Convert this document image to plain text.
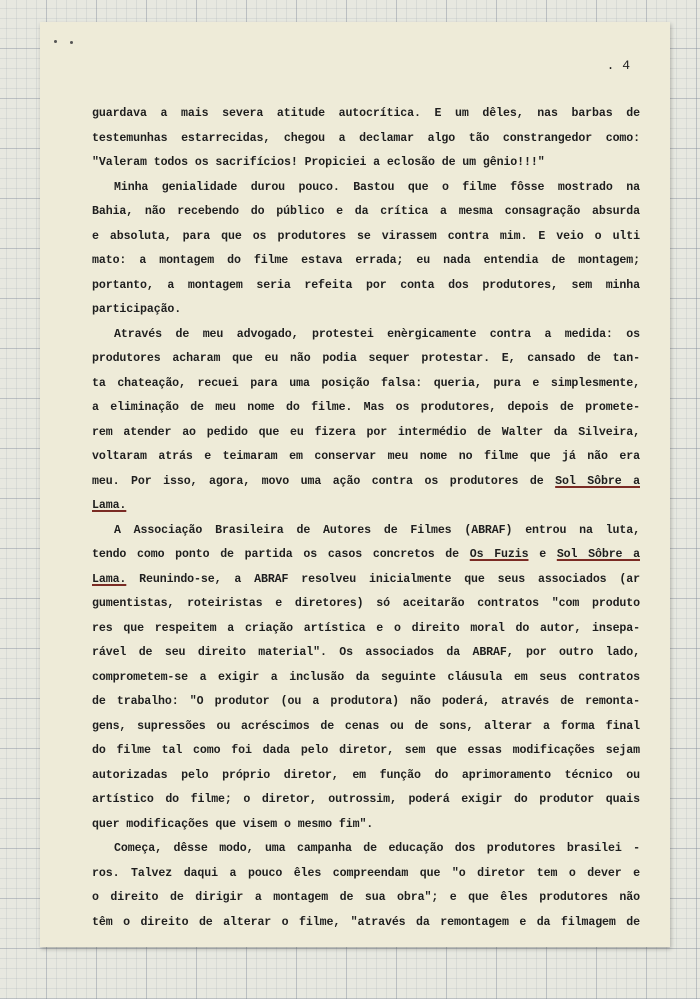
. 4
guardava a mais severa atitude autocrítica. E um dêles, nas barbas de
testemunhas estarrecidas, chegou a declamar algo tão constrangedor como:
"Valeram todos os sacrifícios! Propiciei a eclosão de um gênio!!!"
Minha genialidade durou pouco. Bastou que o filme fôsse mostrado na
Bahia, não recebendo do público e da crítica a mesma consagração absurda
e absoluta, para que os produtores se virassem contra mim. E veio o ulti
mato: a montagem do filme estava errada; eu nada entendia de montagem;
portanto, a montagem seria refeita por conta dos produtores, sem minha
participação.
Através de meu advogado, protestei enèrgicamente contra a medida: os
produtores acharam que eu não podia sequer protestar. E, cansado de tan-
ta chateação, recuei para uma posição falsa: queria, pura e simplesmente,
a eliminação de meu nome do filme. Mas os produtores, depois de promete-
rem atender ao pedido que eu fizera por intermédio de Walter da Silveira,
voltaram atrás e teimaram em conservar meu nome no filme que já não era
meu. Por isso, agora, movo uma ação contra os produtores de Sol Sôbre a
Lama.
A Associação Brasileira de Autores de Filmes (ABRAF) entrou na luta,
tendo como ponto de partida os casos concretos de Os Fuzis e Sol Sôbre a
Lama. Reunindo-se, a ABRAF resolveu inicialmente que seus associados (ar
gumentistas, roteiristas e diretores) só aceitarão contratos "com produto
res que respeitem a criação artística e o direito moral do autor, insepa-
rável de seu direito material". Os associados da ABRAF, por outro lado,
comprometem-se a exigir a inclusão da seguinte cláusula em seus contratos
de trabalho: "O produtor (ou a produtora) não poderá, através de remonta-
gens, supressões ou acréscimos de cenas ou de sons, alterar a forma final
do filme tal como foi dada pelo diretor, sem que essas modificações sejam
autorizadas pelo próprio diretor, em função do aprimoramento técnico ou
artístico do filme; o diretor, outrossim, poderá exigir do produtor quais
quer modificações que visem o mesmo fim".
Começa, dêsse modo, uma campanha de educação dos produtores brasilei -
ros. Talvez daqui a pouco êles compreendam que "o diretor tem o dever e
o direito de dirigir a montagem de sua obra"; e que êles produtores não
têm o direito de alterar o filme, "através da remontagem e da filmagem de
